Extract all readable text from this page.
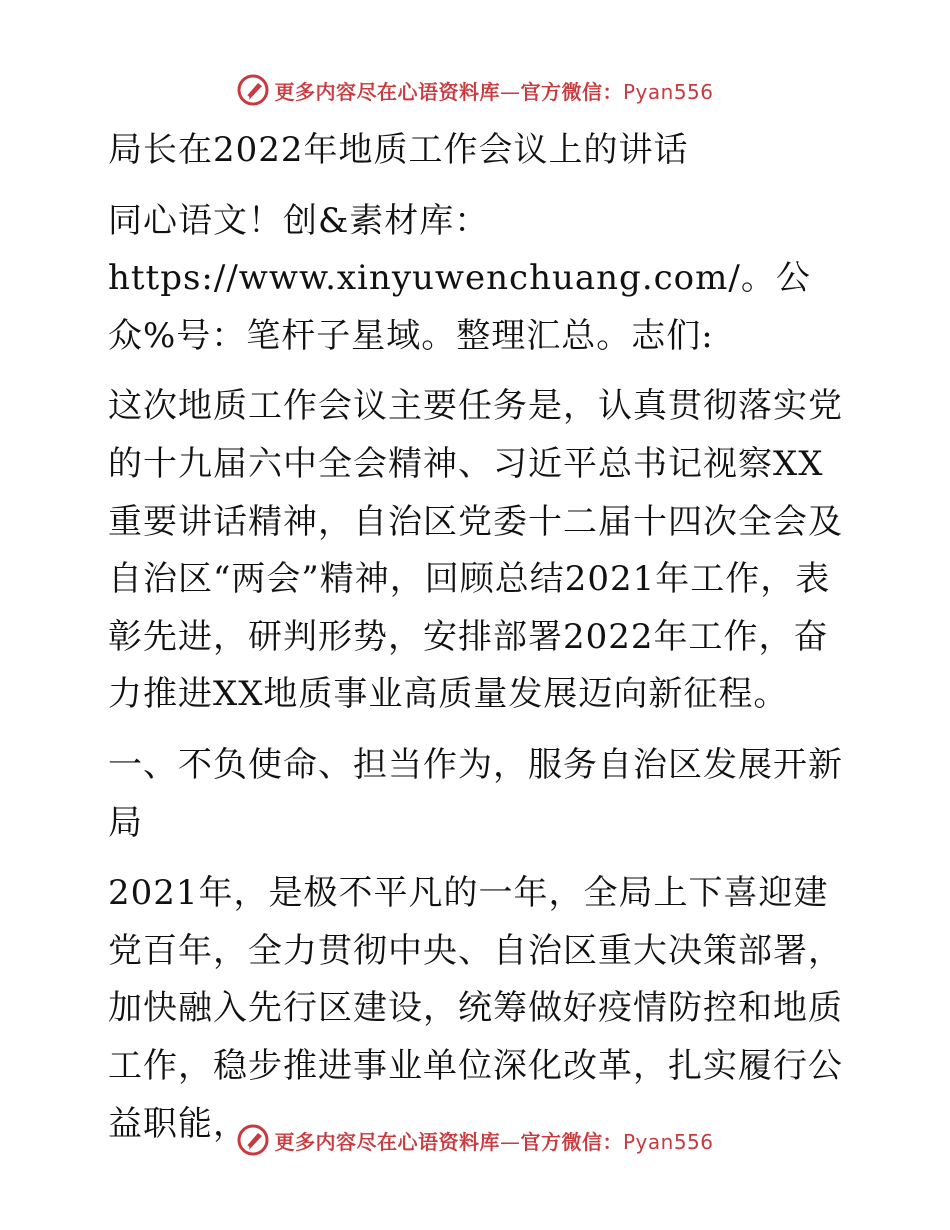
更多内容尽在心语资料库—官方微信：Pyan556

局长在2022年地质工作会议上的讲话

同心语文！创&素材库：https://www.xinyuwenchuang.com/。公众%号：笔杆子星域。整理汇总。志们:

这次地质工作会议主要任务是，认真贯彻落实党的十九届六中全会精神、习近平总书记视察XX重要讲话精神，自治区党委十二届十四次全会及自治区“两会”精神，回顾总结2021年工作，表彰先进，研判形势，安排部署2022年工作，奋力推进XX地质事业高质量发展迈向新征程。

一、不负使命、担当作为，服务自治区发展开新局

2021年，是极不平凡的一年，全局上下喜迎建党百年，全力贯彻中央、自治区重大决策部署，加快融入先行区建设，统筹做好疫情防控和地质工作，稳步推进事业单位深化改革，扎实履行公益职能，	更多内容尽在心语资料库—官方微信：Pyan556
